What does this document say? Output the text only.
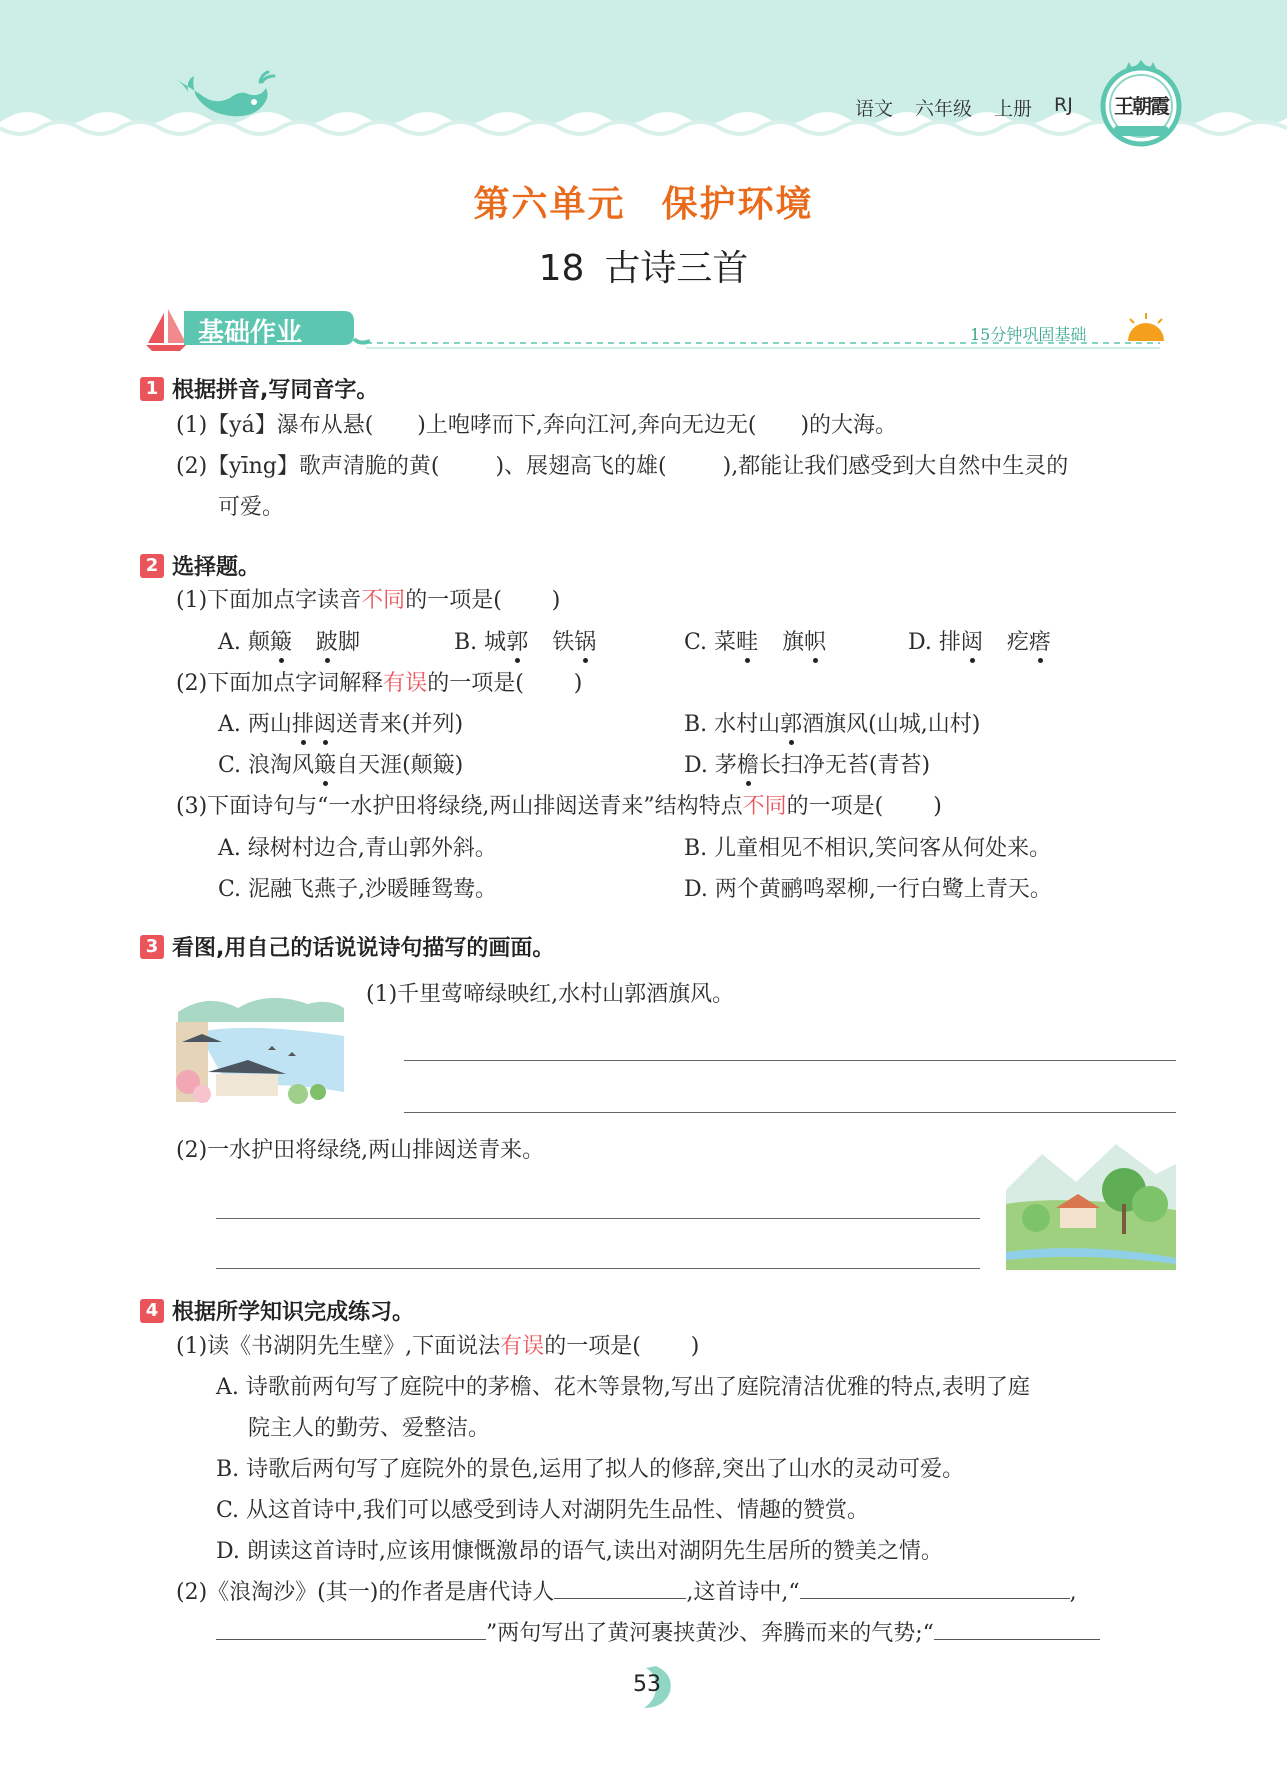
语文 六年级 上册 RJ 王朝霞
第六单元 保护环境
18 古诗三首
基础作业	15分钟巩固基础
1 根据拼音,写同音字。
(1)【yá】瀑布从悬( )上咆哮而下,奔向江河,奔向无边无( )的大海。
(2)【yīng】歌声清脆的黄(	)、展翅高飞的雄(	),都能让我们感受到大自然中生灵的
可爱。
2 选择题。
(1)下面加点字读音不同的一项是( )
A. 颠簸 跛脚	B. 城郭 铁锅	C. 菜畦 旗帜	D. 排闼 疙瘩
(2)下面加点字词解释有误的一项是( )
A. 两山排闼送青来(并列)	B. 水村山郭酒旗风(山城,山村)
C. 浪淘风簸自天涯(颠簸)	D. 茅檐长扫净无苔(青苔)
(3)下面诗句与“一水护田将绿绕,两山排闼送青来”结构特点不同的一项是( )
A. 绿树村边合,青山郭外斜。	B. 儿童相见不相识,笑问客从何处来。
C. 泥融飞燕子,沙暖睡鸳鸯。	D. 两个黄鹂鸣翠柳,一行白鹭上青天。
3 看图,用自己的话说说诗句描写的画面。
(1)千里莺啼绿映红,水村山郭酒旗风。
(2)一水护田将绿绕,两山排闼送青来。
4 根据所学知识完成练习。
(1)读《书湖阴先生壁》,下面说法有误的一项是( )
A. 诗歌前两句写了庭院中的茅檐、花木等景物,写出了庭院清洁优雅的特点,表明了庭
院主人的勤劳、爱整洁。
B. 诗歌后两句写了庭院外的景色,运用了拟人的修辞,突出了山水的灵动可爱。
C. 从这首诗中,我们可以感受到诗人对湖阴先生品性、情趣的赞赏。
D. 朗读这首诗时,应该用慷慨激昂的语气,读出对湖阴先生居所的赞美之情。
(2)《浪淘沙》(其一)的作者是唐代诗人	,这首诗中,“	,
”两句写出了黄河裹挟黄沙、奔腾而来的气势;“
53
